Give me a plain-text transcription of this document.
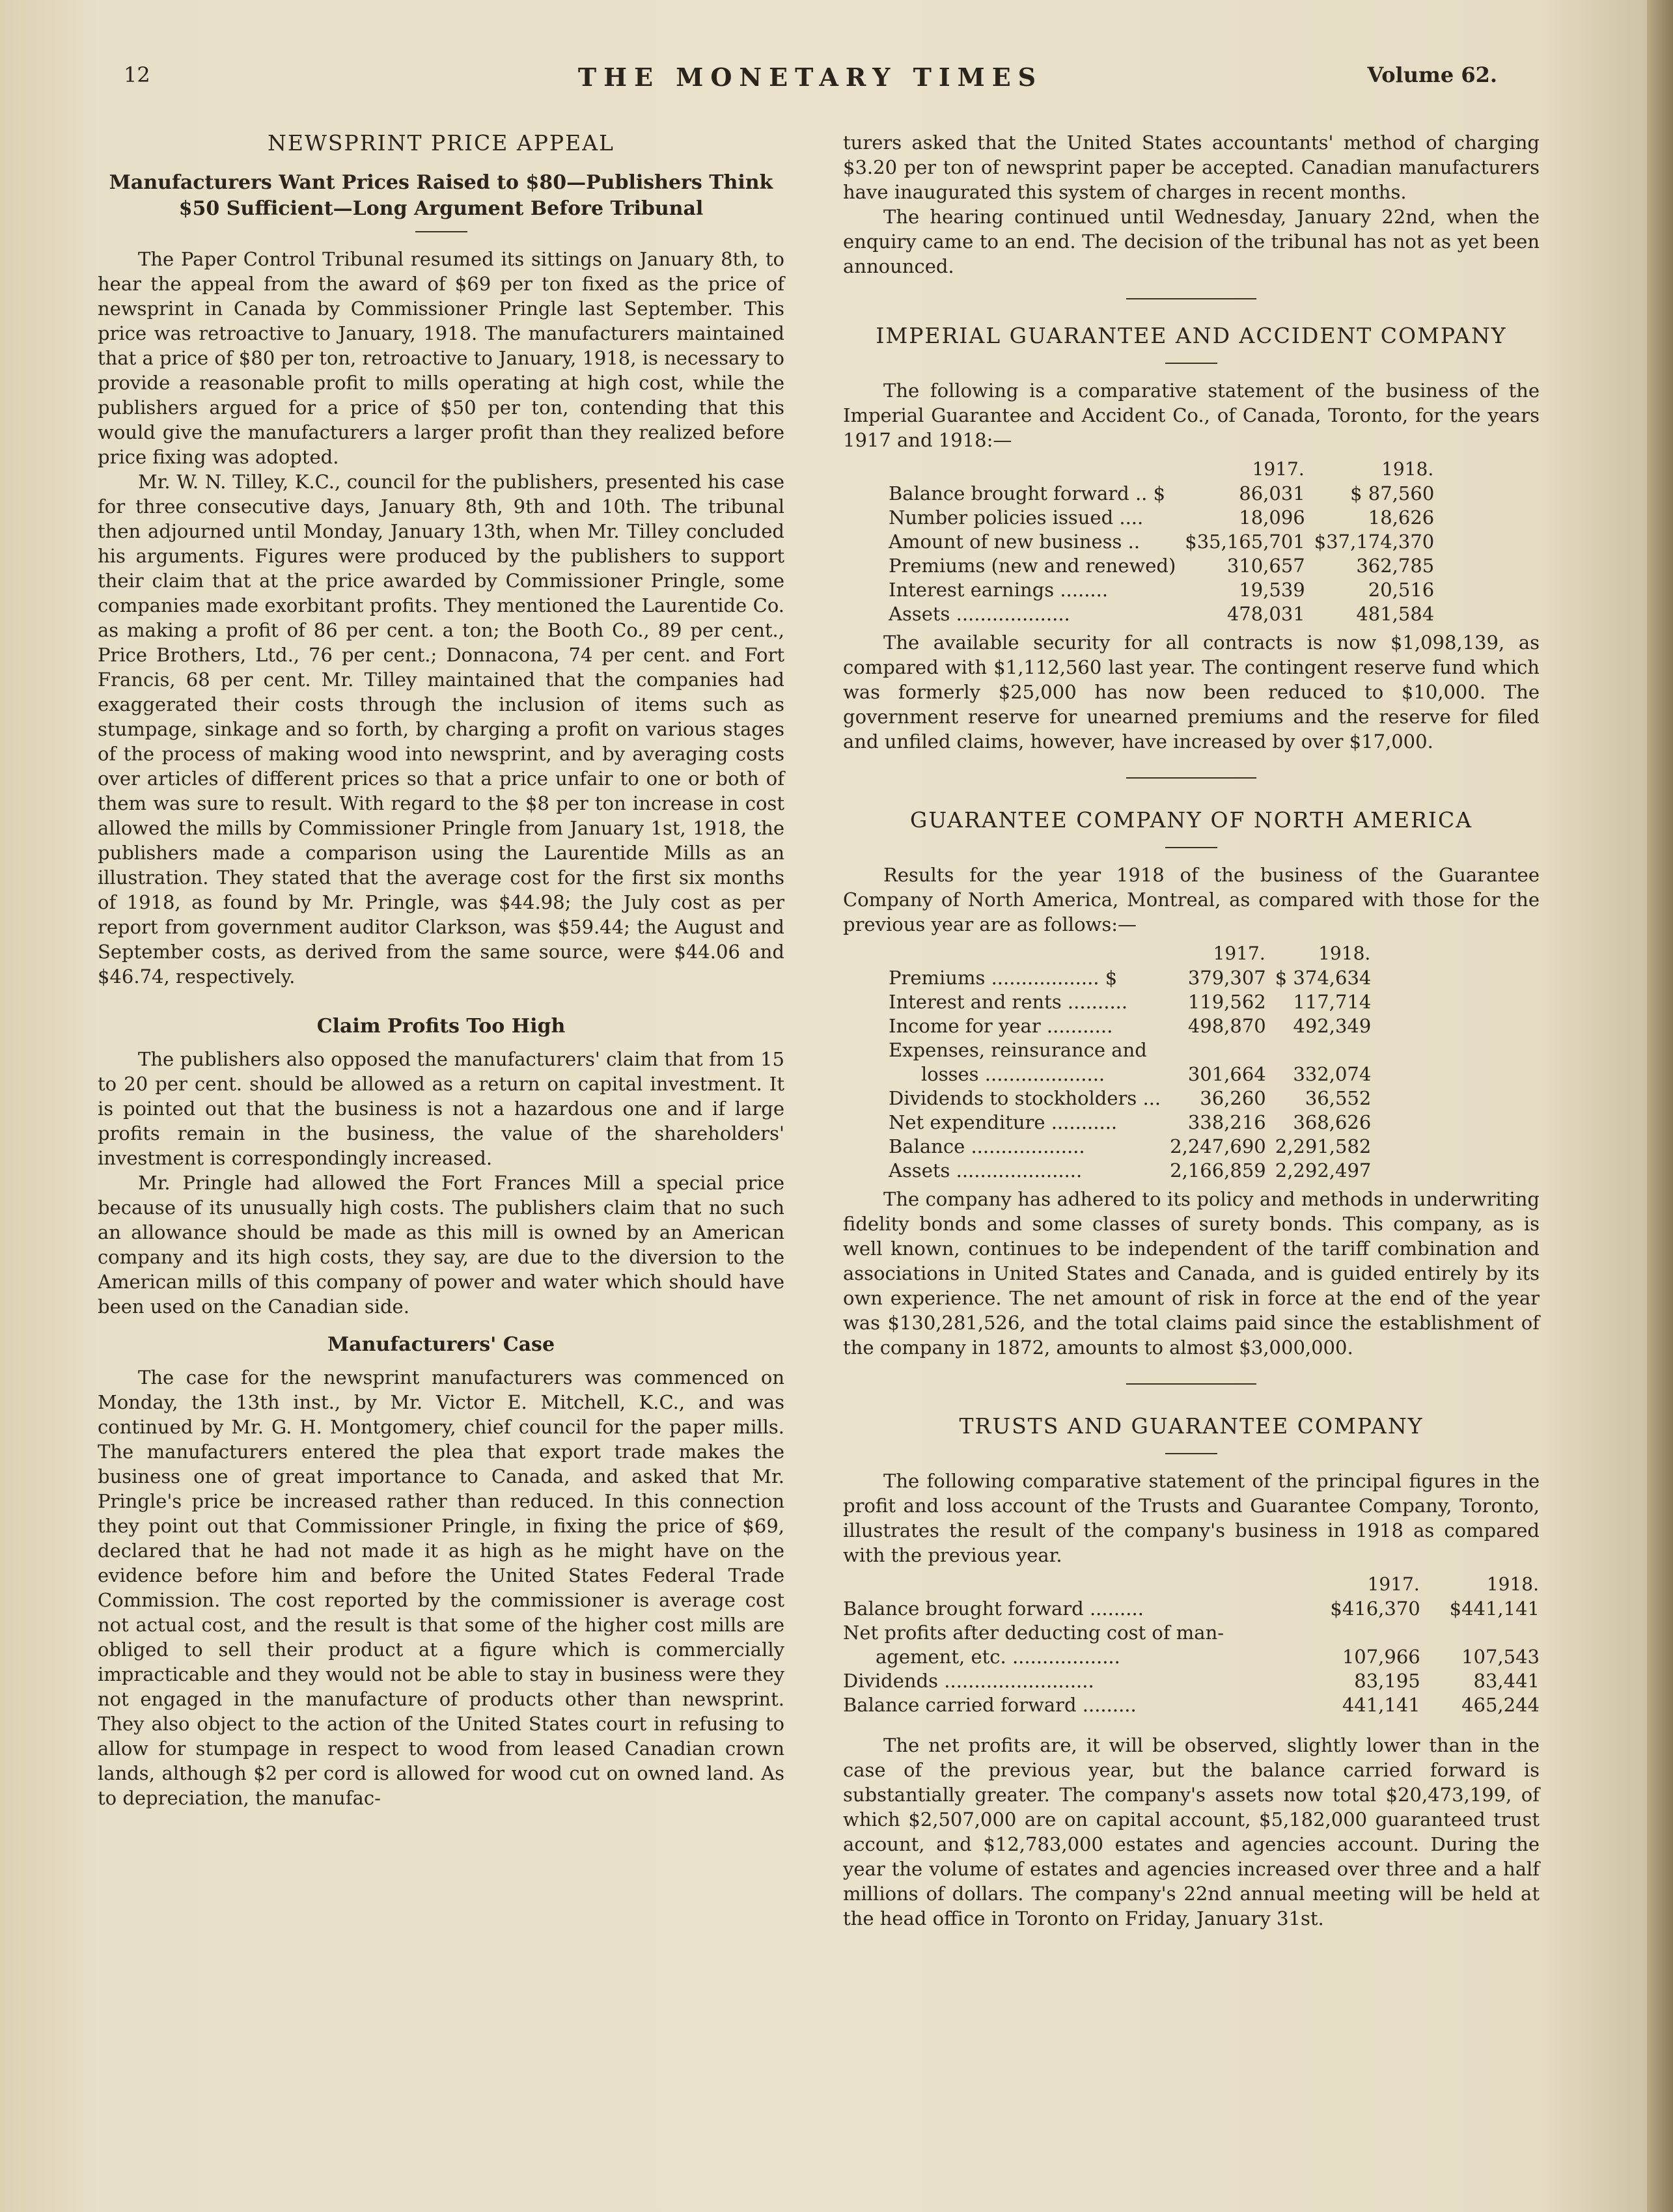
12	THE MONETARY TIMES	Volume 62.
NEWSPRINT PRICE APPEAL
Manufacturers Want Prices Raised to $80—Publishers Think $50 Sufficient—Long Argument Before Tribunal

The Paper Control Tribunal resumed its sittings on January 8th, to hear the appeal from the award of $69 per ton fixed as the price of newsprint in Canada by Commissioner Pringle last September. This price was retroactive to January, 1918. The manufacturers maintained that a price of $80 per ton, retroactive to January, 1918, is necessary to provide a reasonable profit to mills operating at high cost, while the publishers argued for a price of $50 per ton, contending that this would give the manufacturers a larger profit than they realized before price fixing was adopted.

Mr. W. N. Tilley, K.C., council for the publishers, presented his case for three consecutive days, January 8th, 9th and 10th. The tribunal then adjourned until Monday, January 13th, when Mr. Tilley concluded his arguments. Figures were produced by the publishers to support their claim that at the price awarded by Commissioner Pringle, some companies made exorbitant profits. They mentioned the Laurentide Co. as making a profit of 86 per cent. a ton; the Booth Co., 89 per cent., Price Brothers, Ltd., 76 per cent.; Donnacona, 74 per cent. and Fort Francis, 68 per cent. Mr. Tilley maintained that the companies had exaggerated their costs through the inclusion of items such as stumpage, sinkage and so forth, by charging a profit on various stages of the process of making wood into newsprint, and by averaging costs over articles of different prices so that a price unfair to one or both of them was sure to result. With regard to the $8 per ton increase in cost allowed the mills by Commissioner Pringle from January 1st, 1918, the publishers made a comparison using the Laurentide Mills as an illustration. They stated that the average cost for the first six months of 1918, as found by Mr. Pringle, was $44.98; the July cost as per report from government auditor Clarkson, was $59.44; the August and September costs, as derived from the same source, were $44.06 and $46.74, respectively.

Claim Profits Too High

The publishers also opposed the manufacturers' claim that from 15 to 20 per cent. should be allowed as a return on capital investment. It is pointed out that the business is not a hazardous one and if large profits remain in the business, the value of the shareholders' investment is correspondingly increased.

Mr. Pringle had allowed the Fort Frances Mill a special price because of its unusually high costs. The publishers claim that no such an allowance should be made as this mill is owned by an American company and its high costs, they say, are due to the diversion to the American mills of this company of power and water which should have been used on the Canadian side.

Manufacturers' Case

The case for the newsprint manufacturers was commenced on Monday, the 13th inst., by Mr. Victor E. Mitchell, K.C., and was continued by Mr. G. H. Montgomery, chief council for the paper mills. The manufacturers entered the plea that export trade makes the business one of great importance to Canada, and asked that Mr. Pringle's price be increased rather than reduced. In this connection they point out that Commissioner Pringle, in fixing the price of $69, declared that he had not made it as high as he might have on the evidence before him and before the United States Federal Trade Commission. The cost reported by the commissioner is average cost not actual cost, and the result is that some of the higher cost mills are obliged to sell their product at a figure which is commercially impracticable and they would not be able to stay in business were they not engaged in the manufacture of products other than newsprint. They also object to the action of the United States court in refusing to allow for stumpage in respect to wood from leased Canadian crown lands, although $2 per cord is allowed for wood cut on owned land. As to depreciation, the manufac-

turers asked that the United States accountants' method of charging $3.20 per ton of newsprint paper be accepted. Canadian manufacturers have inaugurated this system of charges in recent months.

The hearing continued until Wednesday, January 22nd, when the enquiry came to an end. The decision of the tribunal has not as yet been announced.

IMPERIAL GUARANTEE AND ACCIDENT COMPANY

The following is a comparative statement of the business of the Imperial Guarantee and Accident Co., of Canada, Toronto, for the years 1917 and 1918:—

	1917.	1918.
Balance brought forward .. $	86,031	$ 87,560
Number policies issued ....	18,096	18,626
Amount of new business ..	$35,165,701	$37,174,370
Premiums (new and renewed)	310,657	362,785
Interest earnings ........	19,539	20,516
Assets ...................	478,031	481,584

The available security for all contracts is now $1,098,139, as compared with $1,112,560 last year. The contingent reserve fund which was formerly $25,000 has now been reduced to $10,000. The government reserve for unearned premiums and the reserve for filed and unfiled claims, however, have increased by over $17,000.

GUARANTEE COMPANY OF NORTH AMERICA

Results for the year 1918 of the business of the Guarantee Company of North America, Montreal, as compared with those for the previous year are as follows:—

	1917.	1918.
Premiums .................. $	379,307	$ 374,634
Interest and rents ..........	119,562	117,714
Income for year ...........	498,870	492,349
Expenses, reinsurance and		
losses ....................	301,664	332,074
Dividends to stockholders ...	36,260	36,552
Net expenditure ...........	338,216	368,626
Balance ...................	2,247,690	2,291,582
Assets .....................	2,166,859	2,292,497

The company has adhered to its policy and methods in underwriting fidelity bonds and some classes of surety bonds. This company, as is well known, continues to be independent of the tariff combination and associations in United States and Canada, and is guided entirely by its own experience. The net amount of risk in force at the end of the year was $130,281,526, and the total claims paid since the establishment of the company in 1872, amounts to almost $3,000,000.

TRUSTS AND GUARANTEE COMPANY

The following comparative statement of the principal figures in the profit and loss account of the Trusts and Guarantee Company, Toronto, illustrates the result of the company's business in 1918 as compared with the previous year.

	1917.	1918.
Balance brought forward .........	$416,370	$441,141
Net profits after deducting cost of man-		
agement, etc. ..................	107,966	107,543
Dividends .........................	83,195	83,441
Balance carried forward .........	441,141	465,244

The net profits are, it will be observed, slightly lower than in the case of the previous year, but the balance carried forward is substantially greater. The company's assets now total $20,473,199, of which $2,507,000 are on capital account, $5,182,000 guaranteed trust account, and $12,783,000 estates and agencies account. During the year the volume of estates and agencies increased over three and a half millions of dollars. The company's 22nd annual meeting will be held at the head office in Toronto on Friday, January 31st.
